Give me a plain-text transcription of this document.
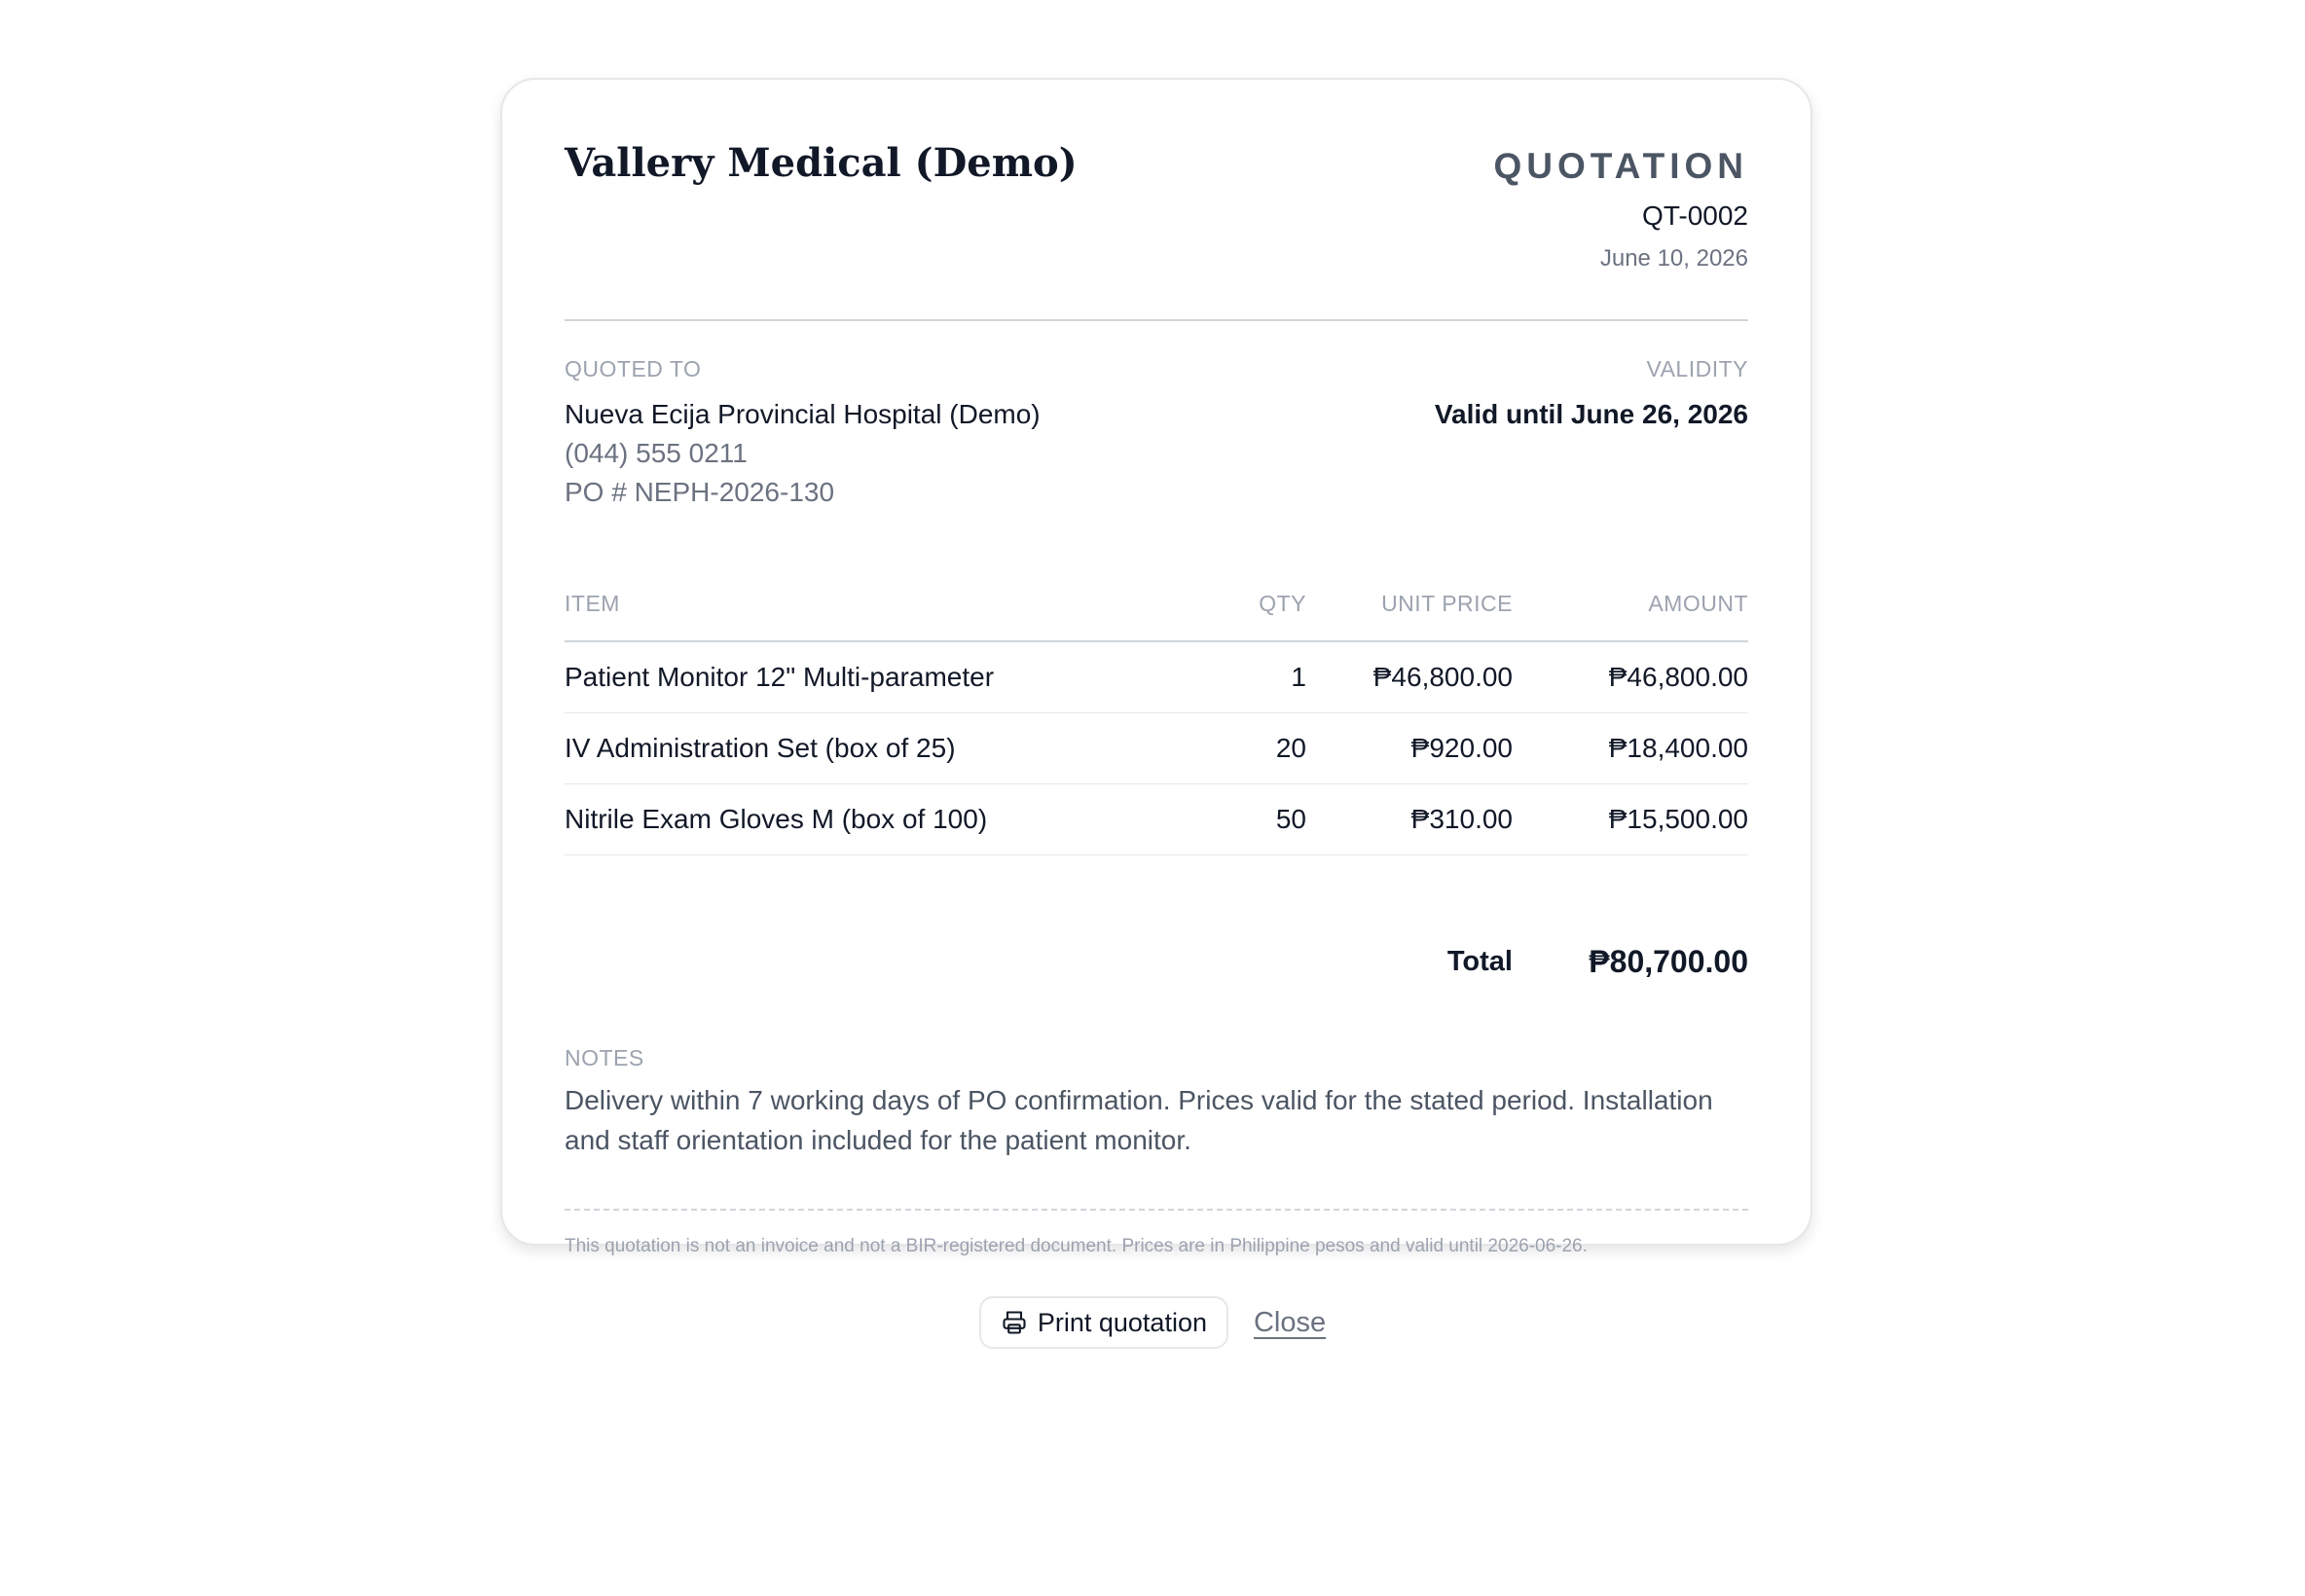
Vallery Medical (Demo)	QUOTATION
QT-0002
June 10, 2026
QUOTED TO
Nueva Ecija Provincial Hospital (Demo)
(044) 555 0211
PO # NEPH-2026-130
VALIDITY
Valid until June 26, 2026
ITEM	QTY	UNIT PRICE	AMOUNT
Patient Monitor 12" Multi-parameter	1	₱46,800.00	₱46,800.00
IV Administration Set (box of 25)	20	₱920.00	₱18,400.00
Nitrile Exam Gloves M (box of 100)	50	₱310.00	₱15,500.00
Total ₱80,700.00
NOTES
Delivery within 7 working days of PO confirmation. Prices valid for the stated period. Installation and staff orientation included for the patient monitor.
This quotation is not an invoice and not a BIR-registered document. Prices are in Philippine pesos and valid until 2026-06-26.
Print quotation Close
